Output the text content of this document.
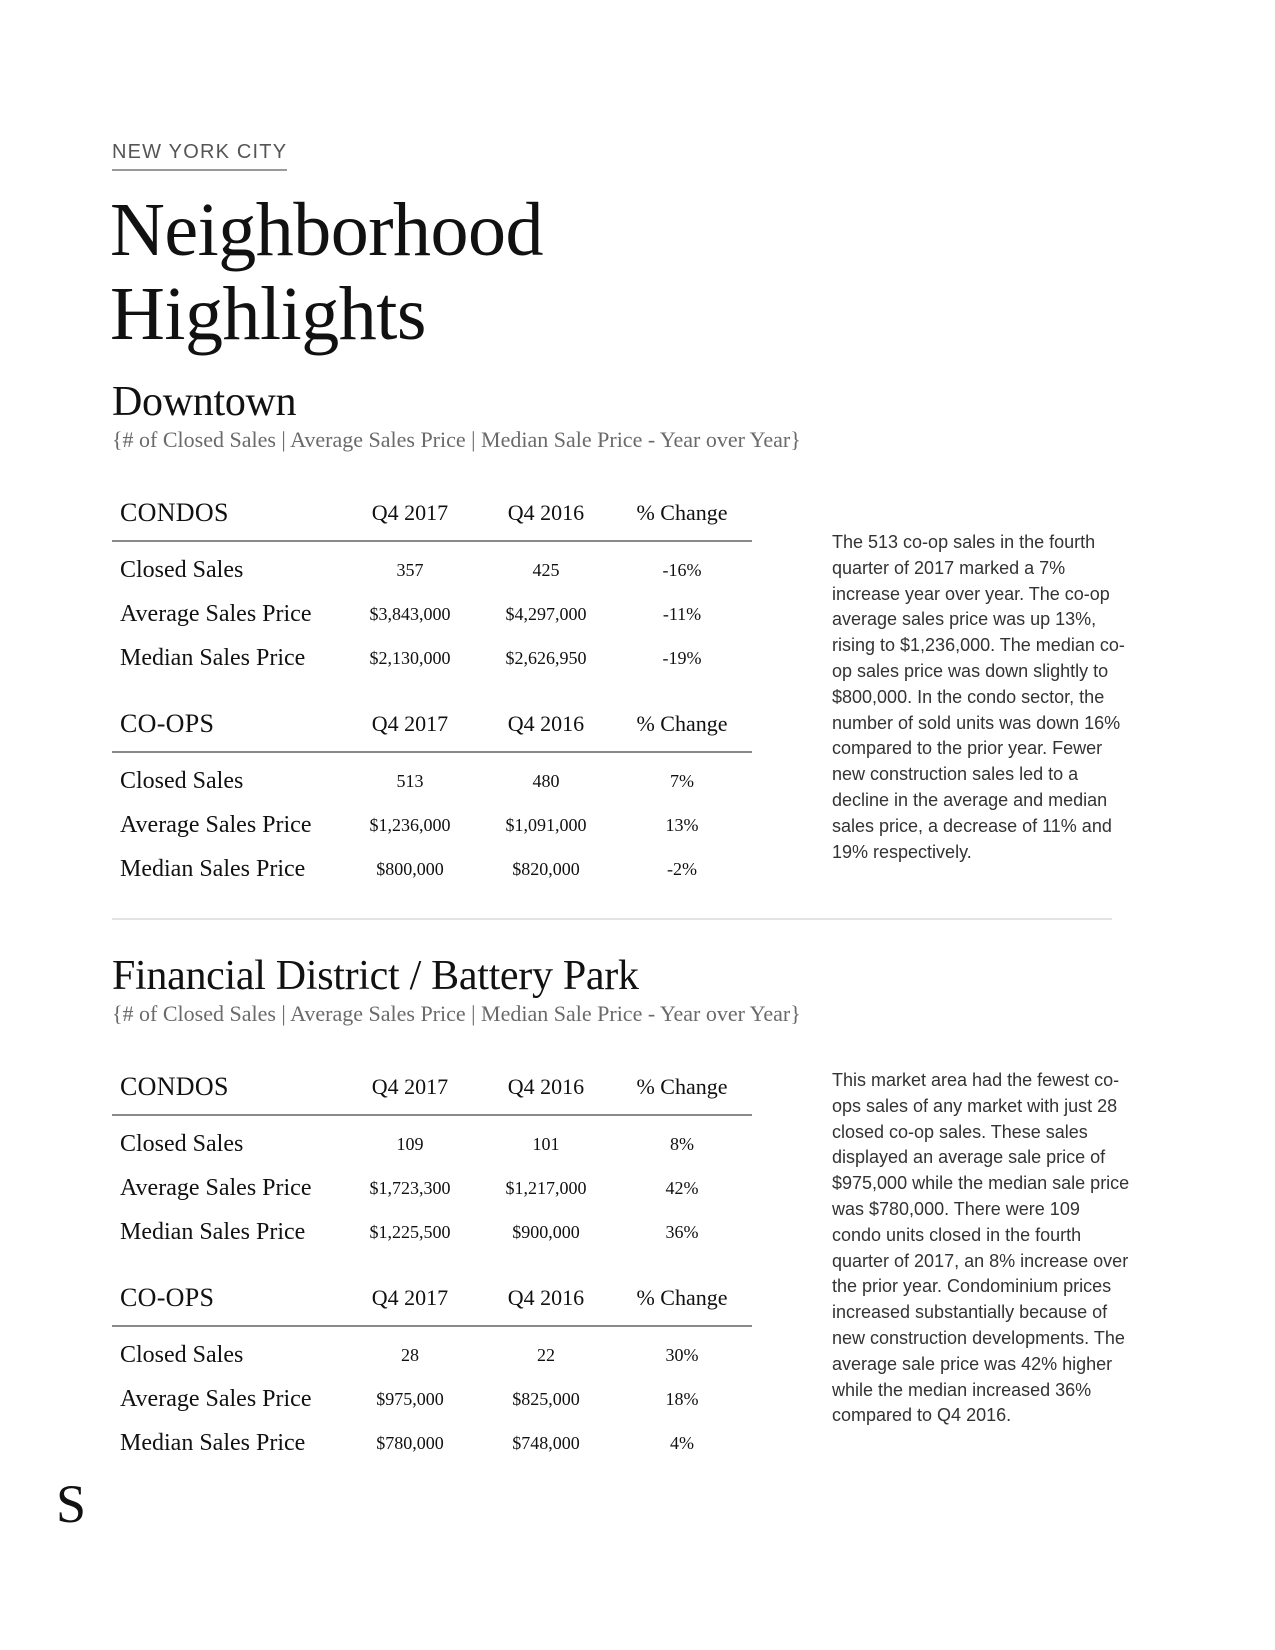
NEW YORK CITY
Neighborhood
Highlights
Downtown

{# of Closed Sales | Average Sales Price | Median Sale Price - Year over Year}

CONDOS	Q4 2017	Q4 2016	% Change
Closed Sales	357	425	-16%
Average Sales Price	$3,843,000	$4,297,000	-11%
Median Sales Price	$2,130,000	$2,626,950	-19%
CO-OPS	Q4 2017	Q4 2016	% Change
Closed Sales	513	480	7%
Average Sales Price	$1,236,000	$1,091,000	13%
Median Sales Price	$800,000	$820,000	-2%

The 513 co-op sales in the fourth quarter of 2017 marked a 7% increase year over year. The co-op average sales price was up 13%, rising to $1,236,000. The median co-op sales price was down slightly to $800,000. In the condo sector, the number of sold units was down 16% compared to the prior year. Fewer new construction sales led to a decline in the average and median sales price, a decrease of 11% and 19% respectively.

Financial District / Battery Park

{# of Closed Sales | Average Sales Price | Median Sale Price - Year over Year}

CONDOS	Q4 2017	Q4 2016	% Change
Closed Sales	109	101	8%
Average Sales Price	$1,723,300	$1,217,000	42%
Median Sales Price	$1,225,500	$900,000	36%
CO-OPS	Q4 2017	Q4 2016	% Change
Closed Sales	28	22	30%
Average Sales Price	$975,000	$825,000	18%
Median Sales Price	$780,000	$748,000	4%

This market area had the fewest co-ops sales of any market with just 28 closed co-op sales. These sales displayed an average sale price of $975,000 while the median sale price was $780,000. There were 109 condo units closed in the fourth quarter of 2017, an 8% increase over the prior year. Condominium prices increased substantially because of new construction developments. The average sale price was 42% higher while the median increased 36% compared to Q4 2016.

S
